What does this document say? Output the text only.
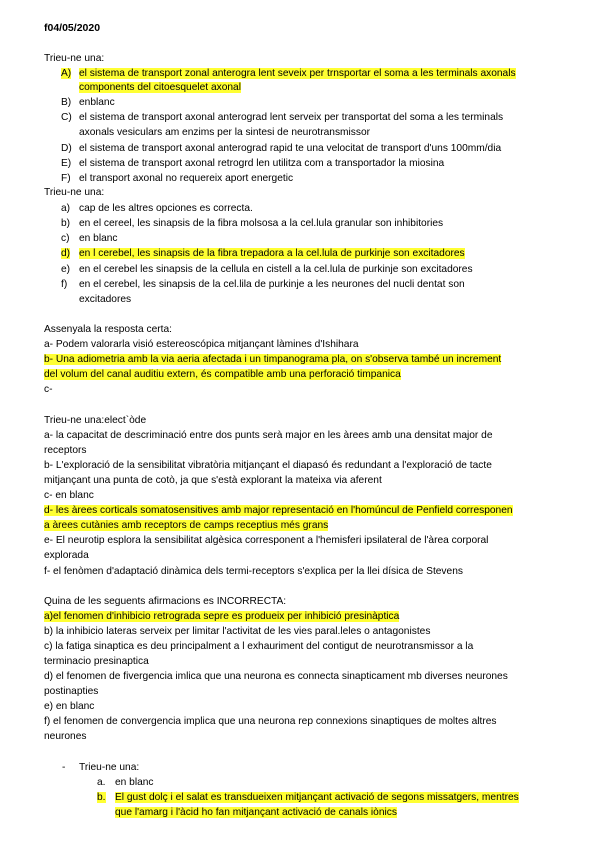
f04/05/2020
Trieu-ne una:
A) el sistema de transport zonal anterogra lent seveix per trnsportar el soma a les terminals axonals
components del citoesquelet axonal
B) enblanc
C) el sistema de transport axonal anterograd lent serveix per transportat del soma a les terminals
axonals vesiculars am enzims per la sintesi de neurotransmissor
D) el sistema de transport axonal anterograd rapid te una velocitat de transport d'uns 100mm/dia
E) el sistema de transport axonal retrogrd len utilitza com a transportador la miosina
F) el transport axonal no requereix aport energetic
Trieu-ne una:
a) cap de les altres opciones es correcta.
b) en el cereel, les sinapsis de la fibra molsosa a la cel.lula granular son inhibitories
c) en blanc
d) en l cerebel, les sinapsis de la fibra trepadora a la cel.lula de purkinje son excitadores
e) en el cerebel les sinapsis de la cellula en cistell a la cel.lula de purkinje son excitadores
f) en el cerebel, les sinapsis de la cel.lila de purkinje a les neurones del nucli dentat son
excitadores
Assenyala la resposta certa:
a- Podem valorarla visió estereoscópica mitjançant làmines d'Ishihara
b- Una adiometria amb la via aeria afectada i un timpanograma pla, on s'observa també un increment
del volum del canal auditiu extern, és compatible amb una perforació timpanica
c-
Trieu-ne una:elect`òde
a- la capacitat de descriminació entre dos punts serà major en les àrees amb una densitat major de
receptors
b- L'exploració de la sensibilitat vibratòria mitjançant el diapasó és redundant a l'exploració de tacte
mitjançant una punta de cotò, ja que s'està explorant la mateixa via aferent
c- en blanc
d- les àrees corticals somatosensitives amb major representació en l'homúncul de Penfield corresponen
a àrees cutànies amb receptors de camps receptius més grans
e- El neurotip esplora la sensibilitat algèsica corresponent a l'hemisferi ipsilateral de l'àrea corporal
explorada
f- el fenòmen d'adaptació dinàmica dels termi-receptors s'explica per la llei dísica de Stevens
Quina de les seguents afirmacions es INCORRECTA:
a)el fenomen d'inhibicio retrograda sepre es produeix per inhibició presinàptica
b) la inhibicio lateras serveix per limitar l'activitat de les vies paral.leles o antagonistes
c) la fatiga sinaptica es deu principalment a l exhauriment del contigut de neurotransmissor a la
terminacio presinaptica
d) el fenomen de fivergencia imlica que una neurona es connecta sinapticament mb diverses neurones
postinapties
e) en blanc
f) el fenomen de convergencia implica que una neurona rep connexions sinaptiques de moltes altres
neurones
- Trieu-ne una:
a. en blanc
b. El gust dolç i el salat es transdueixen mitjançant activació de segons missatgers, mentres
que l'amarg i l'àcid ho fan mitjançant activació de canals iònics
